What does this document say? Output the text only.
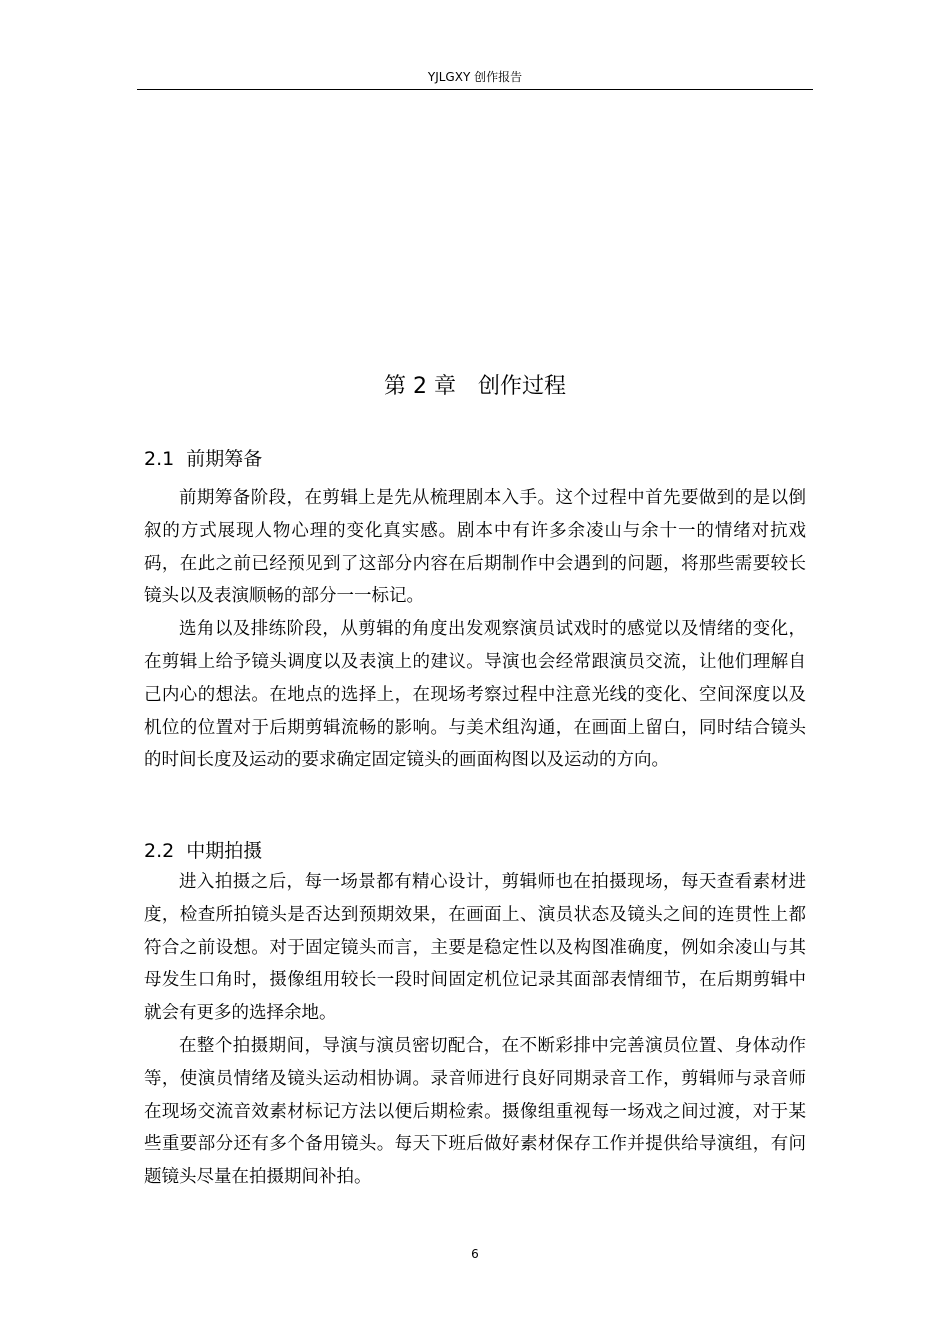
YJLGXY 创作报告
第 2 章　创作过程
2.1  前期筹备

前期筹备阶段，在剪辑上是先从梳理剧本入手。这个过程中首先要做到的是以倒叙的方式展现人物心理的变化真实感。剧本中有许多余凌山与余十一的情绪对抗戏码，在此之前已经预见到了这部分内容在后期制作中会遇到的问题，将那些需要较长镜头以及表演顺畅的部分一一标记。

选角以及排练阶段，从剪辑的角度出发观察演员试戏时的感觉以及情绪的变化，在剪辑上给予镜头调度以及表演上的建议。导演也会经常跟演员交流，让他们理解自己内心的想法。在地点的选择上，在现场考察过程中注意光线的变化、空间深度以及机位的位置对于后期剪辑流畅的影响。与美术组沟通，在画面上留白，同时结合镜头的时间长度及运动的要求确定固定镜头的画面构图以及运动的方向。

2.2  中期拍摄

进入拍摄之后，每一场景都有精心设计，剪辑师也在拍摄现场，每天查看素材进度，检查所拍镜头是否达到预期效果，在画面上、演员状态及镜头之间的连贯性上都符合之前设想。对于固定镜头而言，主要是稳定性以及构图准确度，例如余凌山与其母发生口角时，摄像组用较长一段时间固定机位记录其面部表情细节，在后期剪辑中就会有更多的选择余地。

在整个拍摄期间，导演与演员密切配合，在不断彩排中完善演员位置、身体动作等，使演员情绪及镜头运动相协调。录音师进行良好同期录音工作，剪辑师与录音师在现场交流音效素材标记方法以便后期检索。摄像组重视每一场戏之间过渡，对于某些重要部分还有多个备用镜头。每天下班后做好素材保存工作并提供给导演组，有问题镜头尽量在拍摄期间补拍。

6
